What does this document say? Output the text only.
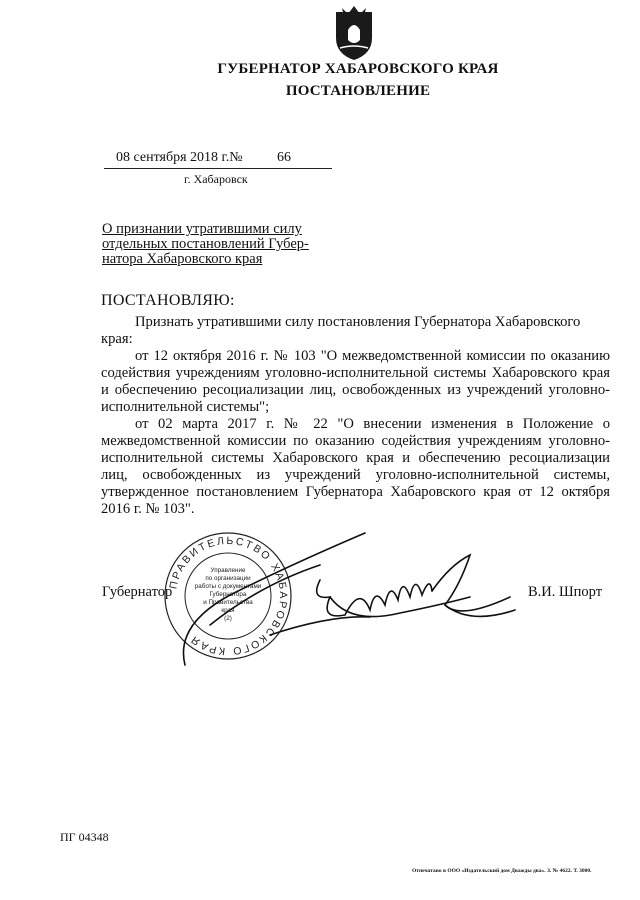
ГУБЕРНАТОР ХАБАРОВСКОГО КРАЯ
ПОСТАНОВЛЕНИЕ
08 сентября 2018 г.№ 66
г. Хабаровск
О признании утратившими силу
отдельных постановлений Губер-
натора Хабаровского края
ПОСТАНОВЛЯЮ:

Признать утратившими силу постановления Губернатора Хабаровского

края:

от 12 октября 2016 г. № 103 "О межведомственной комиссии по оказанию содействия учреждениям уголовно-исполнительной системы Хабаровского края и обеспечению ресоциализации лиц, освобожденных из учреждений уголовно-исполнительной системы";

от 02 марта 2017 г. № 22 "О внесении изменения в Положение о межведомственной комиссии по оказанию содействия учреждениям уголовно-исполнительной системы Хабаровского края и обеспечению ресоциализации лиц, освобожденных из учреждений уголовно-исполнительной системы, утвержденное постановлением Губернатора Хабаровского края от 12 октября 2016 г. № 103".

ПРАВИТЕЛЬСТВО ХАБАРОВСКОГО КРАЯ
Управление
по организации
работы с документами
Губернатора
и Правительства
края
(2)
Губернатор	В.И. Шпорт
ПГ 04348
Отпечатано в ООО «Издательский дом Дважды два». З. № 4622. Т. 3000.
